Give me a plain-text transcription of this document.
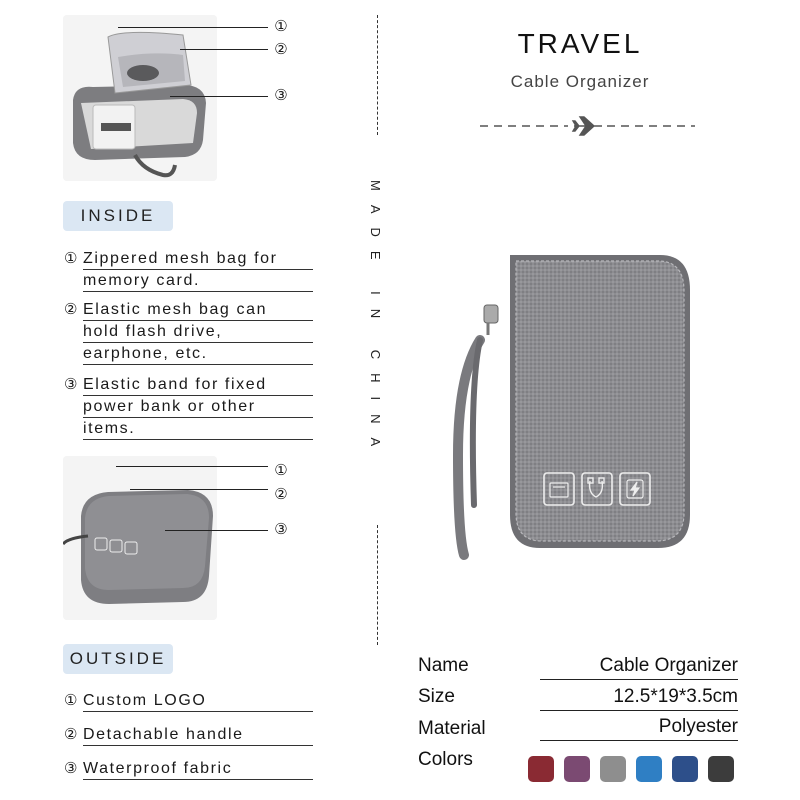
①
②
③
INSIDE
① Zippered mesh bag for
memory card.
② Elastic mesh bag can
hold flash drive,
earphone, etc.
③ Elastic band for fixed
power bank or other
items.
①
②
③
OUTSIDE
① Custom LOGO
② Detachable handle
③ Waterproof fabric
MADE IN CHINA
TRAVEL
Cable Organizer
Name	Cable Organizer
Size	12.5*19*3.5cm
Material	Polyester
Colors
